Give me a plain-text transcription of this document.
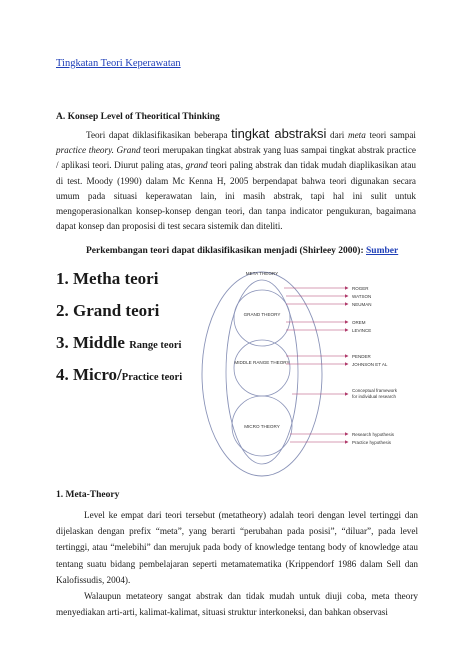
Tingkatan Teori Keperawatan
A. Konsep Level of Theoritical Thinking

Teori dapat diklasifikasikan beberapa tingkat abstraksi dari meta teori sampai practice theory. Grand teori merupakan tingkat abstrak yang luas sampai tingkat abstrak practice / aplikasi teori. Diurut paling atas, grand teori paling abstrak dan tidak mudah diaplikasikan atau di test. Moody (1990) dalam Mc Kenna H, 2005 berpendapat bahwa teori digunakan secara umum pada situasi keperawatan lain, ini masih abstrak, tapi hal ini sulit untuk mengoperasionalkan konsep-konsep dengan teori, dan tanpa indicator pengukuran, bagaimana dapat konsep dan proposisi di test secara sistemik dan diteliti.

Perkembangan teori dapat diklasifikasikan menjadi (Shirleey 2000): Sumber
1. Metha teori
2. Grand teori
3. Middle Range teori
4. Micro/Practice teori
META THEORY
GRAND THEORY
MIDDLE RANGE THEORY
MICRO THEORY
ROGER
WATSON
NEUMAN
OREM
LEVINCE
PENDER
JOHNSON ET AL
Conceptual framework
for individual research
Research hypothesis
Practice hypothesis
1. Meta-Theory

Level ke empat dari teori tersebut (metatheory) adalah teori dengan level tertinggi dan dijelaskan dengan prefix “meta”, yang berarti “perubahan pada posisi”, “diluar”, pada level tertinggi, atau “melebihi” dan merujuk pada body of knowledge tentang body of knowledge atau tentang suatu bidang pembelajaran seperti metamatematika (Krippendorf 1986 dalam Sell dan Kalofissudis, 2004).

Walaupun metateory sangat abstrak dan tidak mudah untuk diuji coba, meta theory menyediakan arti-arti, kalimat-kalimat, situasi struktur interkoneksi, dan bahkan observasi
